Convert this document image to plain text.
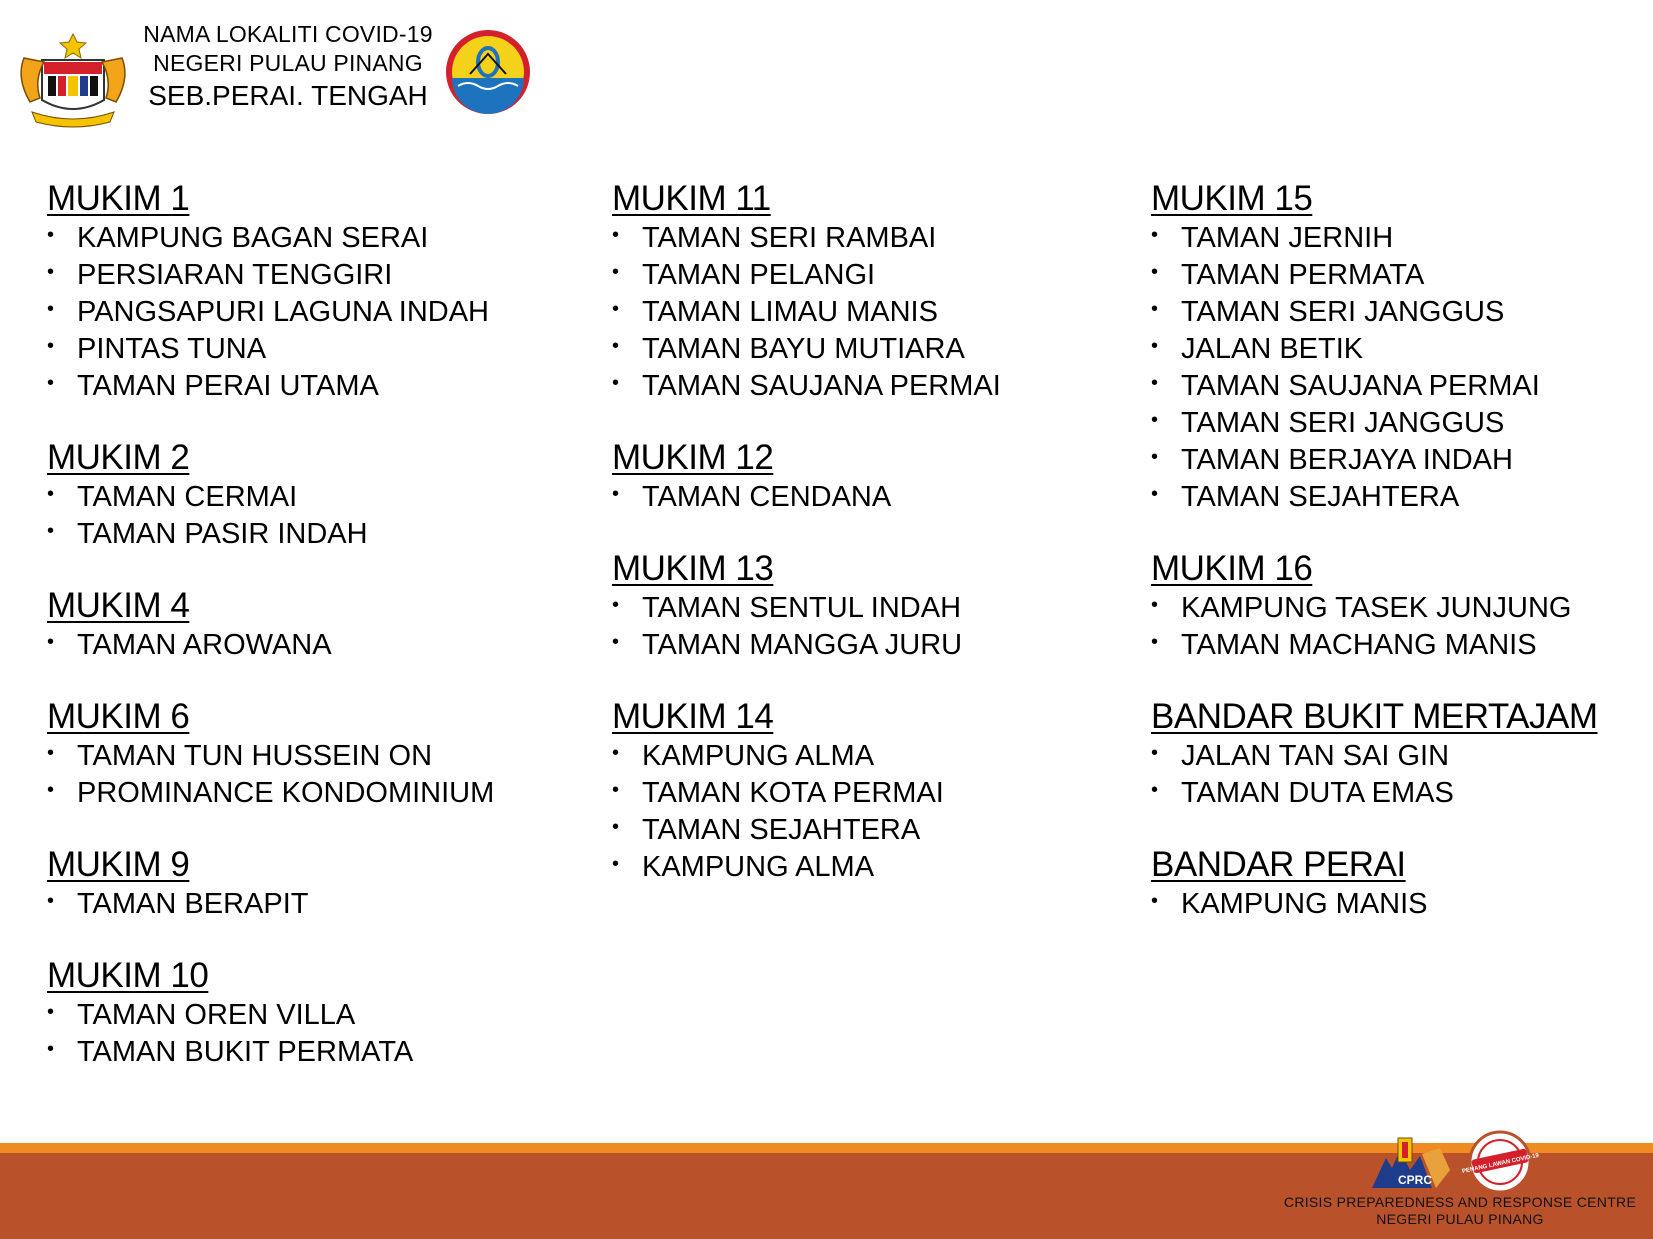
NAMA LOKALITI COVID-19
NEGERI PULAU PINANG
SEB.PERAI. TENGAH
MUKIM 1
• KAMPUNG BAGAN SERAI
• PERSIARAN TENGGIRI
• PANGSAPURI LAGUNA INDAH
• PINTAS TUNA
• TAMAN PERAI UTAMA
MUKIM 2
• TAMAN CERMAI
• TAMAN PASIR INDAH
MUKIM 4
• TAMAN AROWANA
MUKIM 6
• TAMAN TUN HUSSEIN ON
• PROMINANCE KONDOMINIUM
MUKIM 9
• TAMAN BERAPIT
MUKIM 10
• TAMAN OREN VILLA
• TAMAN BUKIT PERMATA
MUKIM 11
• TAMAN SERI RAMBAI
• TAMAN PELANGI
• TAMAN LIMAU MANIS
• TAMAN BAYU MUTIARA
• TAMAN SAUJANA PERMAI
MUKIM 12
• TAMAN CENDANA
MUKIM 13
• TAMAN SENTUL INDAH
• TAMAN MANGGA JURU
MUKIM 14
• KAMPUNG ALMA
• TAMAN KOTA PERMAI
• TAMAN SEJAHTERA
• KAMPUNG ALMA
MUKIM 15
• TAMAN JERNIH
• TAMAN PERMATA
• TAMAN SERI JANGGUS
• JALAN BETIK
• TAMAN SAUJANA PERMAI
• TAMAN SERI JANGGUS
• TAMAN BERJAYA INDAH
• TAMAN SEJAHTERA
MUKIM 16
• KAMPUNG TASEK JUNJUNG
• TAMAN MACHANG MANIS
BANDAR BUKIT MERTAJAM
• JALAN TAN SAI GIN
• TAMAN DUTA EMAS
BANDAR PERAI
• KAMPUNG MANIS
CPRC
PENANG LAWAN COVID-19
CRISIS PREPAREDNESS AND RESPONSE CENTRE
NEGERI PULAU PINANG
